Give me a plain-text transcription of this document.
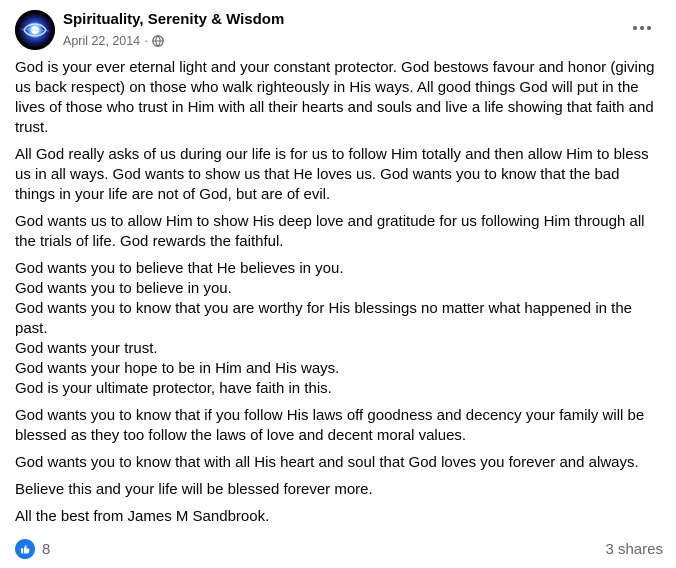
Spirituality, Serenity & Wisdom
April 22, 2014 ·

God is your ever eternal light and your constant protector. God bestows favour and honor (giving us back respect) on those who walk righteously in His ways. All good things God will put in the lives of those who trust in Him with all their hearts and souls and live a life showing that faith and trust.

All God really asks of us during our life is for us to follow Him totally and then allow Him to bless us in all ways. God wants to show us that He loves us. God wants you to know that the bad things in your life are not of God, but are of evil.

God wants us to allow Him to show His deep love and gratitude for us following Him through all the trials of life. God rewards the faithful.

God wants you to believe that He believes in you.
God wants you to believe in you.
God wants you to know that you are worthy for His blessings no matter what happened in the past.
God wants your trust.
God wants your hope to be in Him and His ways.
God is your ultimate protector, have faith in this.

God wants you to know that if you follow His laws off goodness and decency your family will be blessed as they too follow the laws of love and decent moral values.

God wants you to know that with all His heart and soul that God loves you forever and always.

Believe this and your life will be blessed forever more.

All the best from James M Sandbrook.

8	3 shares
